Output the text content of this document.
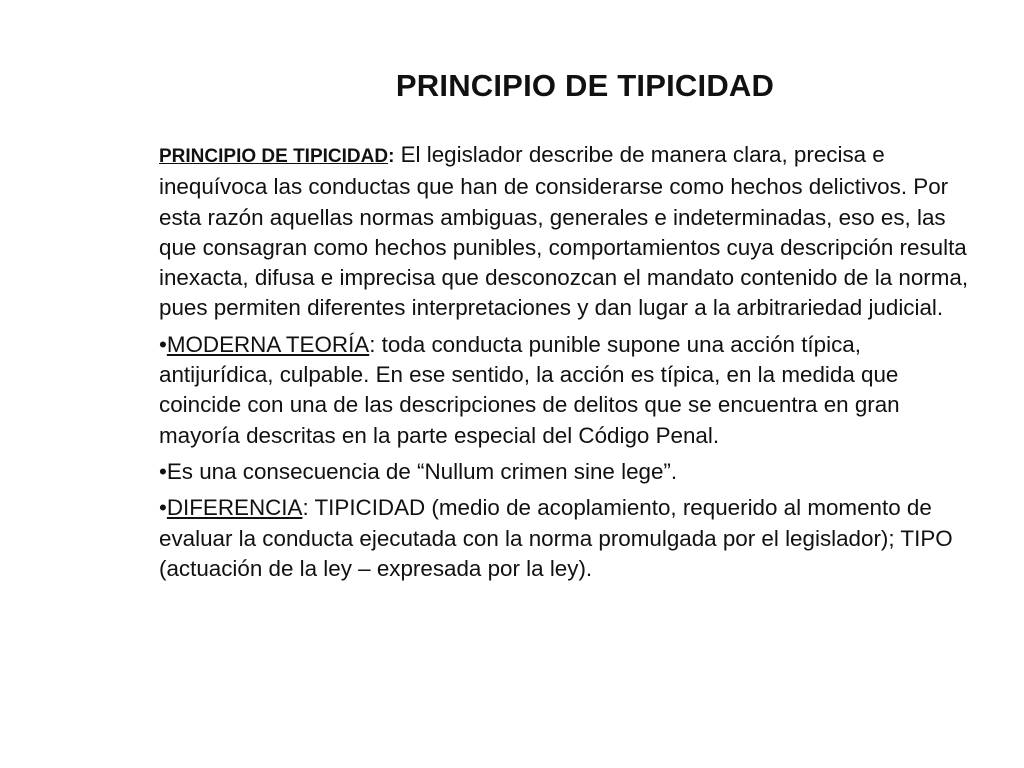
PRINCIPIO DE TIPICIDAD

PRINCIPIO DE TIPICIDAD: El legislador describe de manera clara, precisa e inequívoca las conductas que han de considerarse como hechos delictivos. Por esta razón aquellas normas ambiguas, generales e indeterminadas, eso es, las que consagran como hechos punibles, comportamientos cuya descripción resulta inexacta, difusa e imprecisa que desconozcan el mandato contenido de la norma, pues permiten diferentes interpretaciones y dan lugar a la arbitrariedad judicial.

•MODERNA TEORÍA: toda conducta punible supone una acción típica, antijurídica, culpable. En ese sentido, la acción es típica, en la medida que coincide con una de las descripciones de delitos que se encuentra en gran mayoría descritas en la parte especial del Código Penal.

•Es una consecuencia de “Nullum crimen sine lege”.

•DIFERENCIA: TIPICIDAD (medio de acoplamiento, requerido al momento de evaluar la conducta ejecutada con la norma promulgada por el legislador); TIPO (actuación de la ley – expresada por la ley).
